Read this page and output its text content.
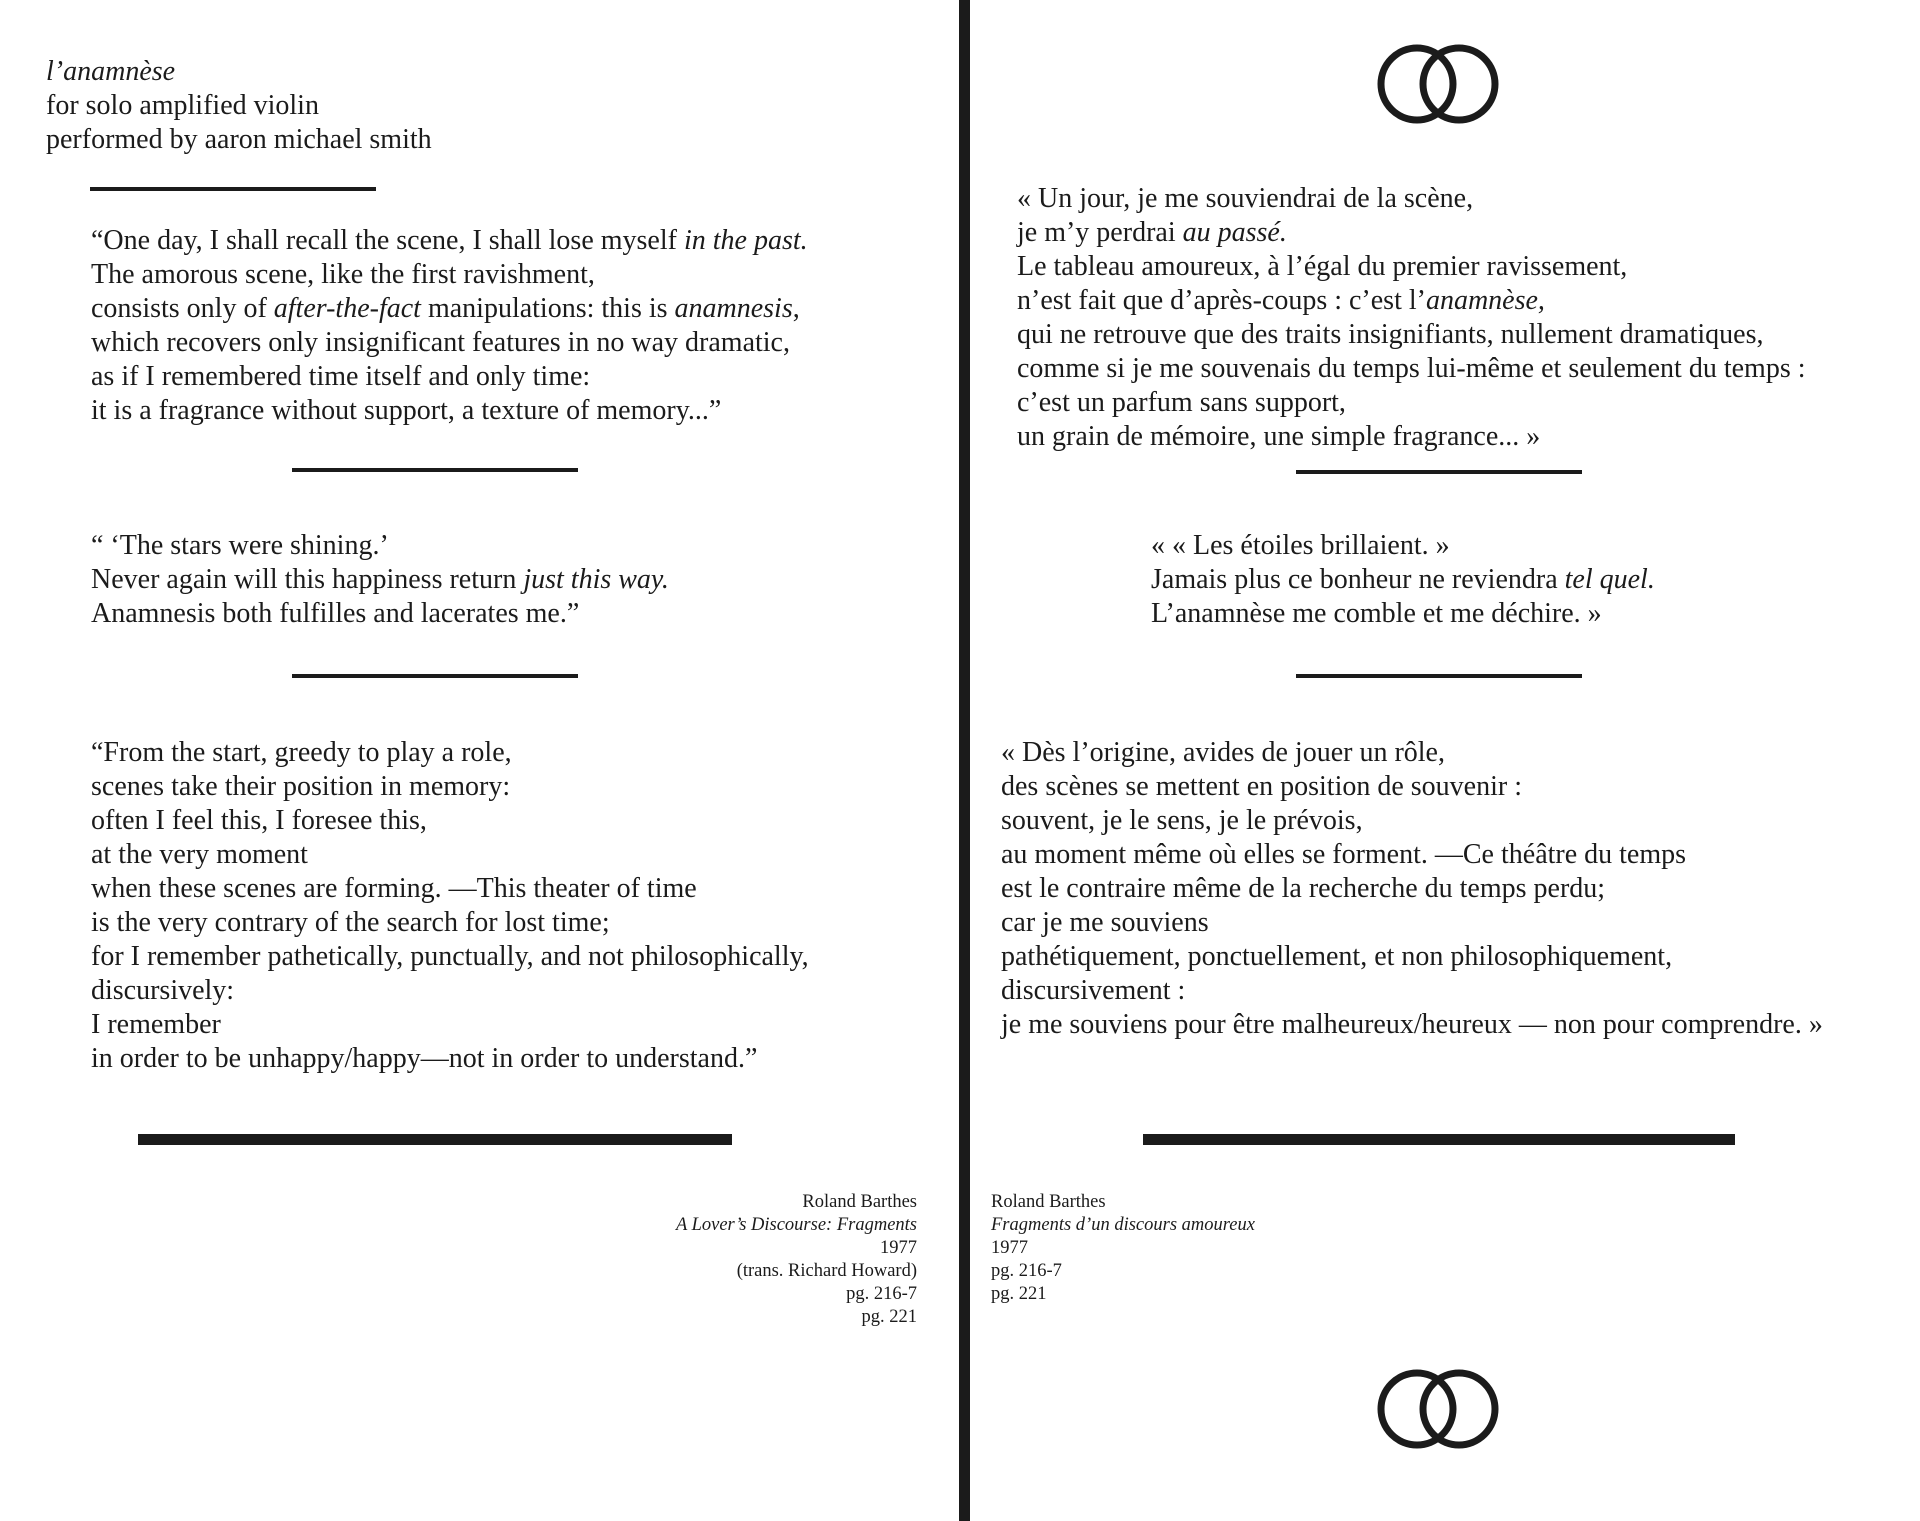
l’anamnèse
for solo amplified violin
performed by aaron michael smith
“One day, I shall recall the scene, I shall lose myself in the past.
The amorous scene, like the first ravishment,
consists only of after-the-fact manipulations: this is anamnesis,
which recovers only insignificant features in no way dramatic,
as if I remembered time itself and only time:
it is a fragrance without support, a texture of memory...”
“ ‘The stars were shining.’
Never again will this happiness return just this way.
Anamnesis both fulfilles and lacerates me.”
“From the start, greedy to play a role,
scenes take their position in memory:
often I feel this, I foresee this,
at the very moment
when these scenes are forming. —This theater of time
is the very contrary of the search for lost time;
for I remember pathetically, punctually, and not philosophically,
discursively:
I remember
in order to be unhappy/happy—not in order to understand.”
Roland Barthes
A Lover’s Discourse: Fragments
1977
(trans. Richard Howard)
pg. 216-7
pg. 221
« Un jour, je me souviendrai de la scène,
je m’y perdrai au passé.
Le tableau amoureux, à l’égal du premier ravissement,
n’est fait que d’après-coups : c’est l’anamnèse,
qui ne retrouve que des traits insignifiants, nullement dramatiques,
comme si je me souvenais du temps lui-même et seulement du temps :
c’est un parfum sans support,
un grain de mémoire, une simple fragrance... »
« « Les étoiles brillaient. »
Jamais plus ce bonheur ne reviendra tel quel.
L’anamnèse me comble et me déchire. »
« Dès l’origine, avides de jouer un rôle,
des scènes se mettent en position de souvenir :
souvent, je le sens, je le prévois,
au moment même où elles se forment. —Ce théâtre du temps
est le contraire même de la recherche du temps perdu;
car je me souviens
pathétiquement, ponctuellement, et non philosophiquement,
discursivement :
je me souviens pour être malheureux/heureux — non pour comprendre. »
Roland Barthes
Fragments d’un discours amoureux
1977
pg. 216-7
pg. 221
